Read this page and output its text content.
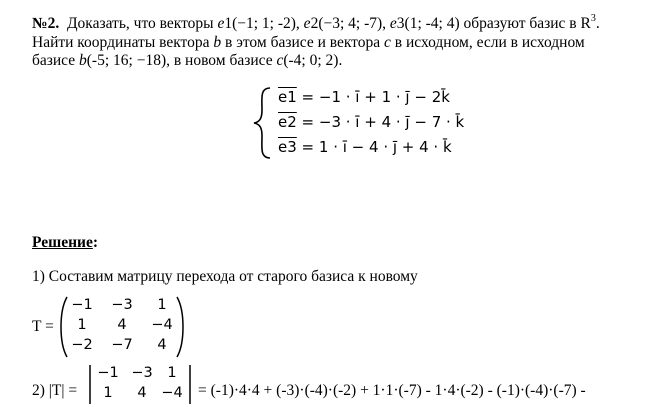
№2. Доказать, что векторы e1(−1; 1; -2), e2(−3; 4; -7), e3(1; -4; 4) образуют базис в $R^3$.
Найти координаты вектора b в этом базисе и вектора c в исходном, если в исходном
базисе b(-5; 16; −18), в новом базисе c(-4; 0; 2).
e1 = −1 · ī + 1 · j̄ − 2k̄
e2 = −3 · ī + 4 · j̄ − 7 · k̄
e3 = 1 · ī − 4 · j̄ + 4 · k̄
Решение:
1) Составим матрицу перехода от старого базиса к новому
T =
−1	−3	1
1	4	−4
−2	−7	4
2) |T| =
−1 −3	1
1	4	−4 = (-1)·4·4 + (-3)·(-4)·(-2) + 1·1·(-7) - 1·4·(-2) - (-1)·(-4)·(-7) -
